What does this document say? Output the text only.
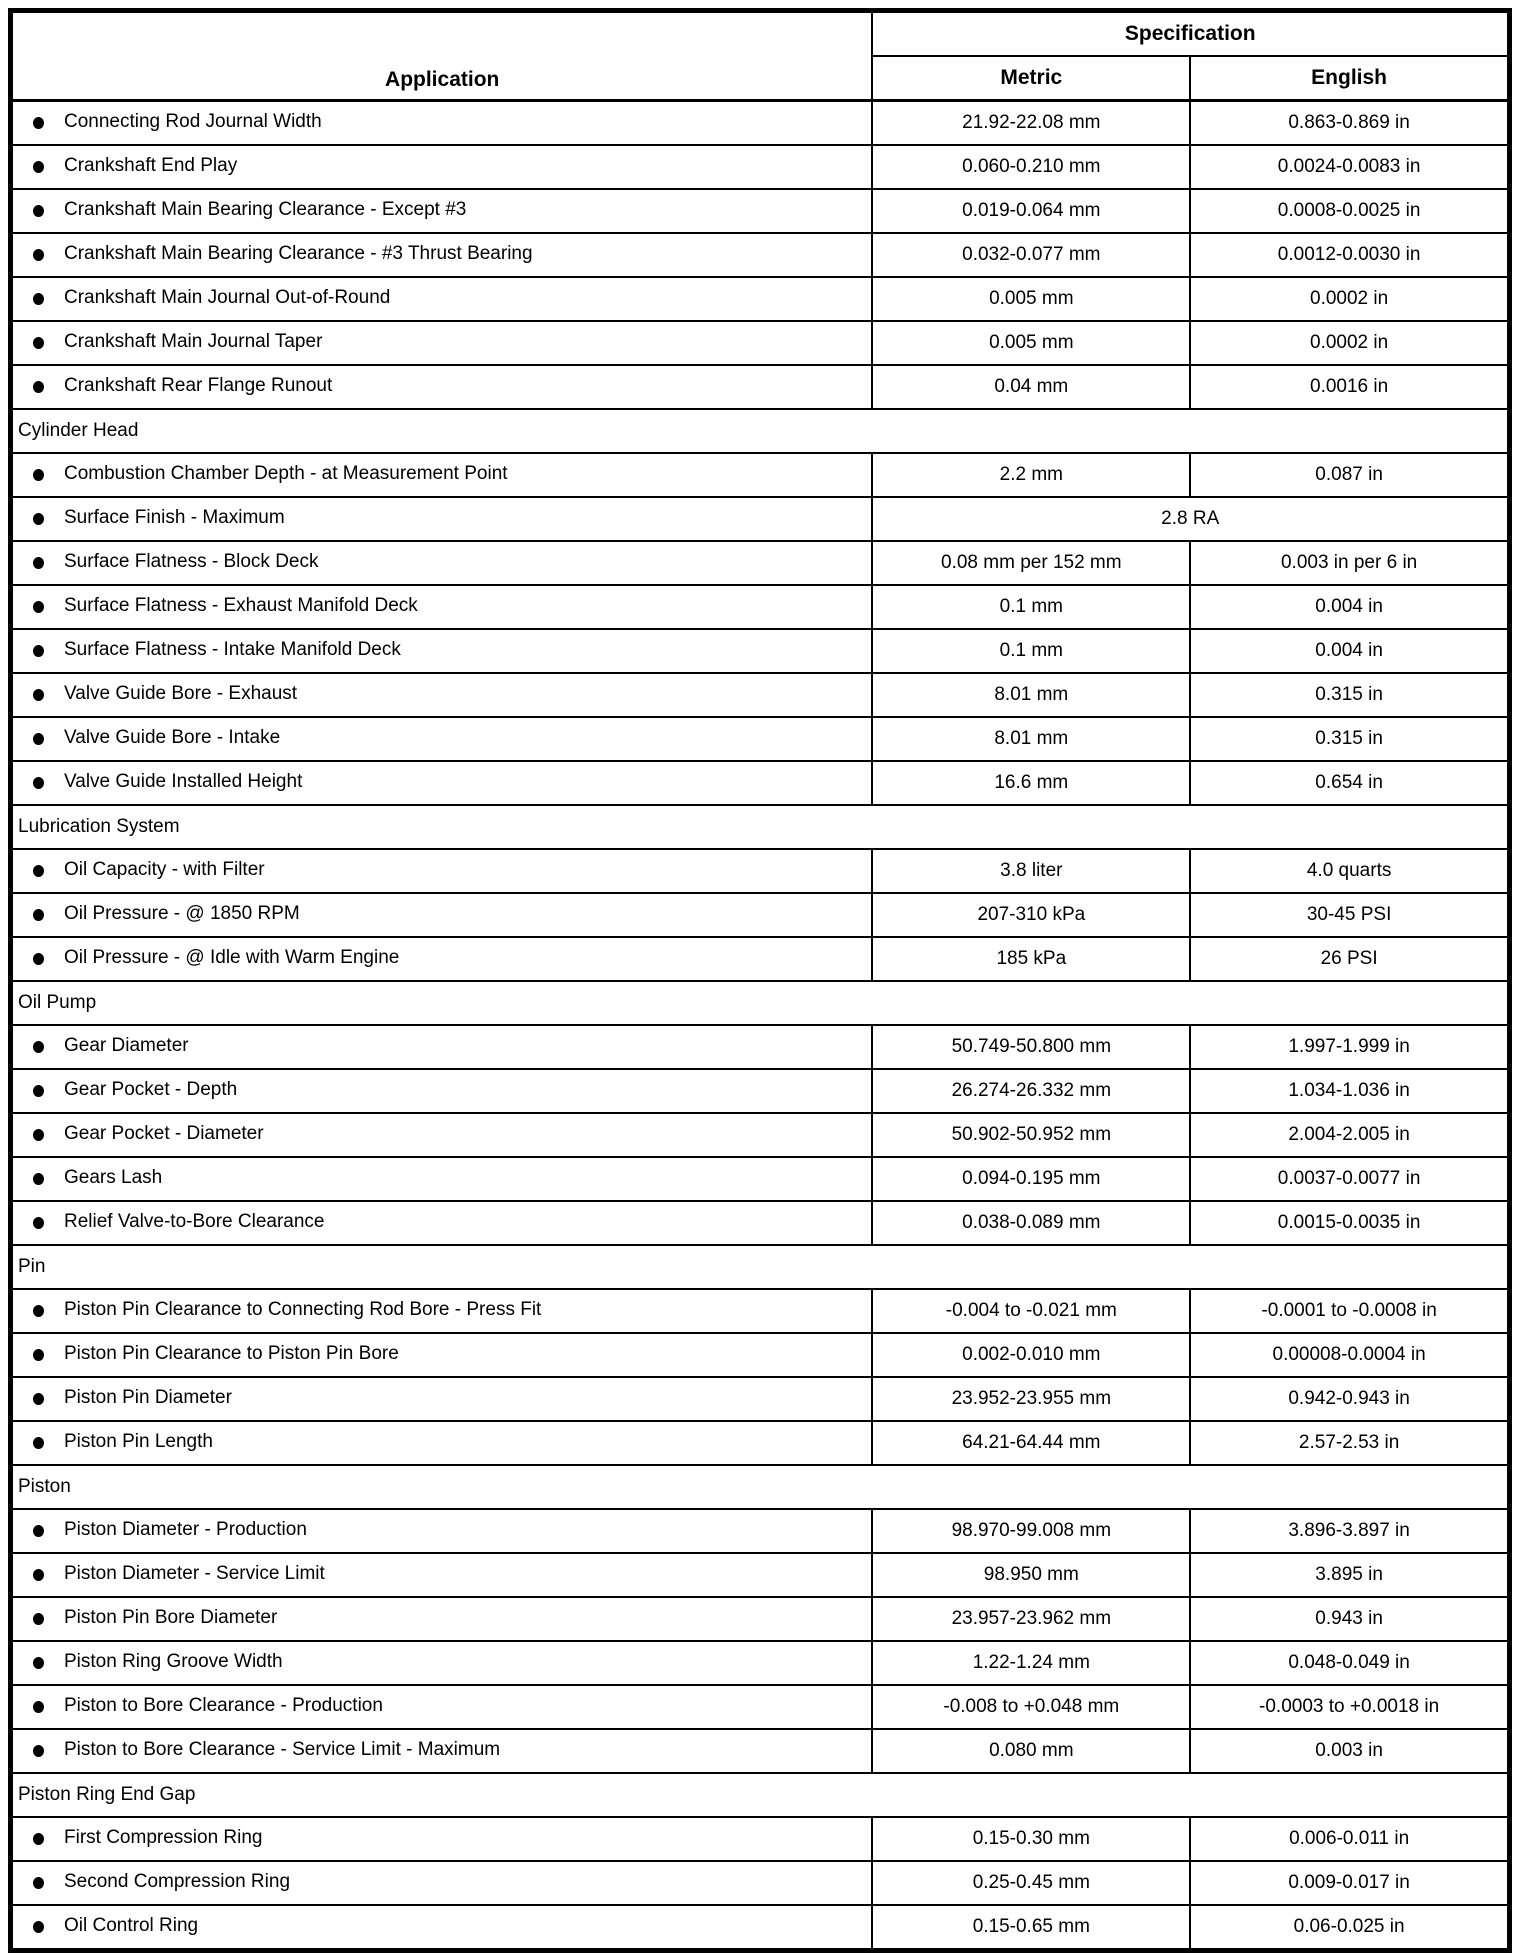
Application	Specification	
	Metric	English
Connecting Rod Journal Width	21.92-22.08 mm	0.863-0.869 in
Crankshaft End Play	0.060-0.210 mm	0.0024-0.0083 in
Crankshaft Main Bearing Clearance - Except #3	0.019-0.064 mm	0.0008-0.0025 in
Crankshaft Main Bearing Clearance - #3 Thrust Bearing	0.032-0.077 mm	0.0012-0.0030 in
Crankshaft Main Journal Out-of-Round	0.005 mm	0.0002 in
Crankshaft Main Journal Taper	0.005 mm	0.0002 in
Crankshaft Rear Flange Runout	0.04 mm	0.0016 in
Cylinder Head		
Combustion Chamber Depth - at Measurement Point	2.2 mm	0.087 in
Surface Finish - Maximum	2.8 RA	
Surface Flatness - Block Deck	0.08 mm per 152 mm	0.003 in per 6 in
Surface Flatness - Exhaust Manifold Deck	0.1 mm	0.004 in
Surface Flatness - Intake Manifold Deck	0.1 mm	0.004 in
Valve Guide Bore - Exhaust	8.01 mm	0.315 in
Valve Guide Bore - Intake	8.01 mm	0.315 in
Valve Guide Installed Height	16.6 mm	0.654 in
Lubrication System		
Oil Capacity - with Filter	3.8 liter	4.0 quarts
Oil Pressure - @ 1850 RPM	207-310 kPa	30-45 PSI
Oil Pressure - @ Idle with Warm Engine	185 kPa	26 PSI
Oil Pump		
Gear Diameter	50.749-50.800 mm	1.997-1.999 in
Gear Pocket - Depth	26.274-26.332 mm	1.034-1.036 in
Gear Pocket - Diameter	50.902-50.952 mm	2.004-2.005 in
Gears Lash	0.094-0.195 mm	0.0037-0.0077 in
Relief Valve-to-Bore Clearance	0.038-0.089 mm	0.0015-0.0035 in
Pin		
Piston Pin Clearance to Connecting Rod Bore - Press Fit	-0.004 to -0.021 mm	-0.0001 to -0.0008 in
Piston Pin Clearance to Piston Pin Bore	0.002-0.010 mm	0.00008-0.0004 in
Piston Pin Diameter	23.952-23.955 mm	0.942-0.943 in
Piston Pin Length	64.21-64.44 mm	2.57-2.53 in
Piston		
Piston Diameter - Production	98.970-99.008 mm	3.896-3.897 in
Piston Diameter - Service Limit	98.950 mm	3.895 in
Piston Pin Bore Diameter	23.957-23.962 mm	0.943 in
Piston Ring Groove Width	1.22-1.24 mm	0.048-0.049 in
Piston to Bore Clearance - Production	-0.008 to +0.048 mm	-0.0003 to +0.0018 in
Piston to Bore Clearance - Service Limit - Maximum	0.080 mm	0.003 in
Piston Ring End Gap		
First Compression Ring	0.15-0.30 mm	0.006-0.011 in
Second Compression Ring	0.25-0.45 mm	0.009-0.017 in
Oil Control Ring	0.15-0.65 mm	0.06-0.025 in
